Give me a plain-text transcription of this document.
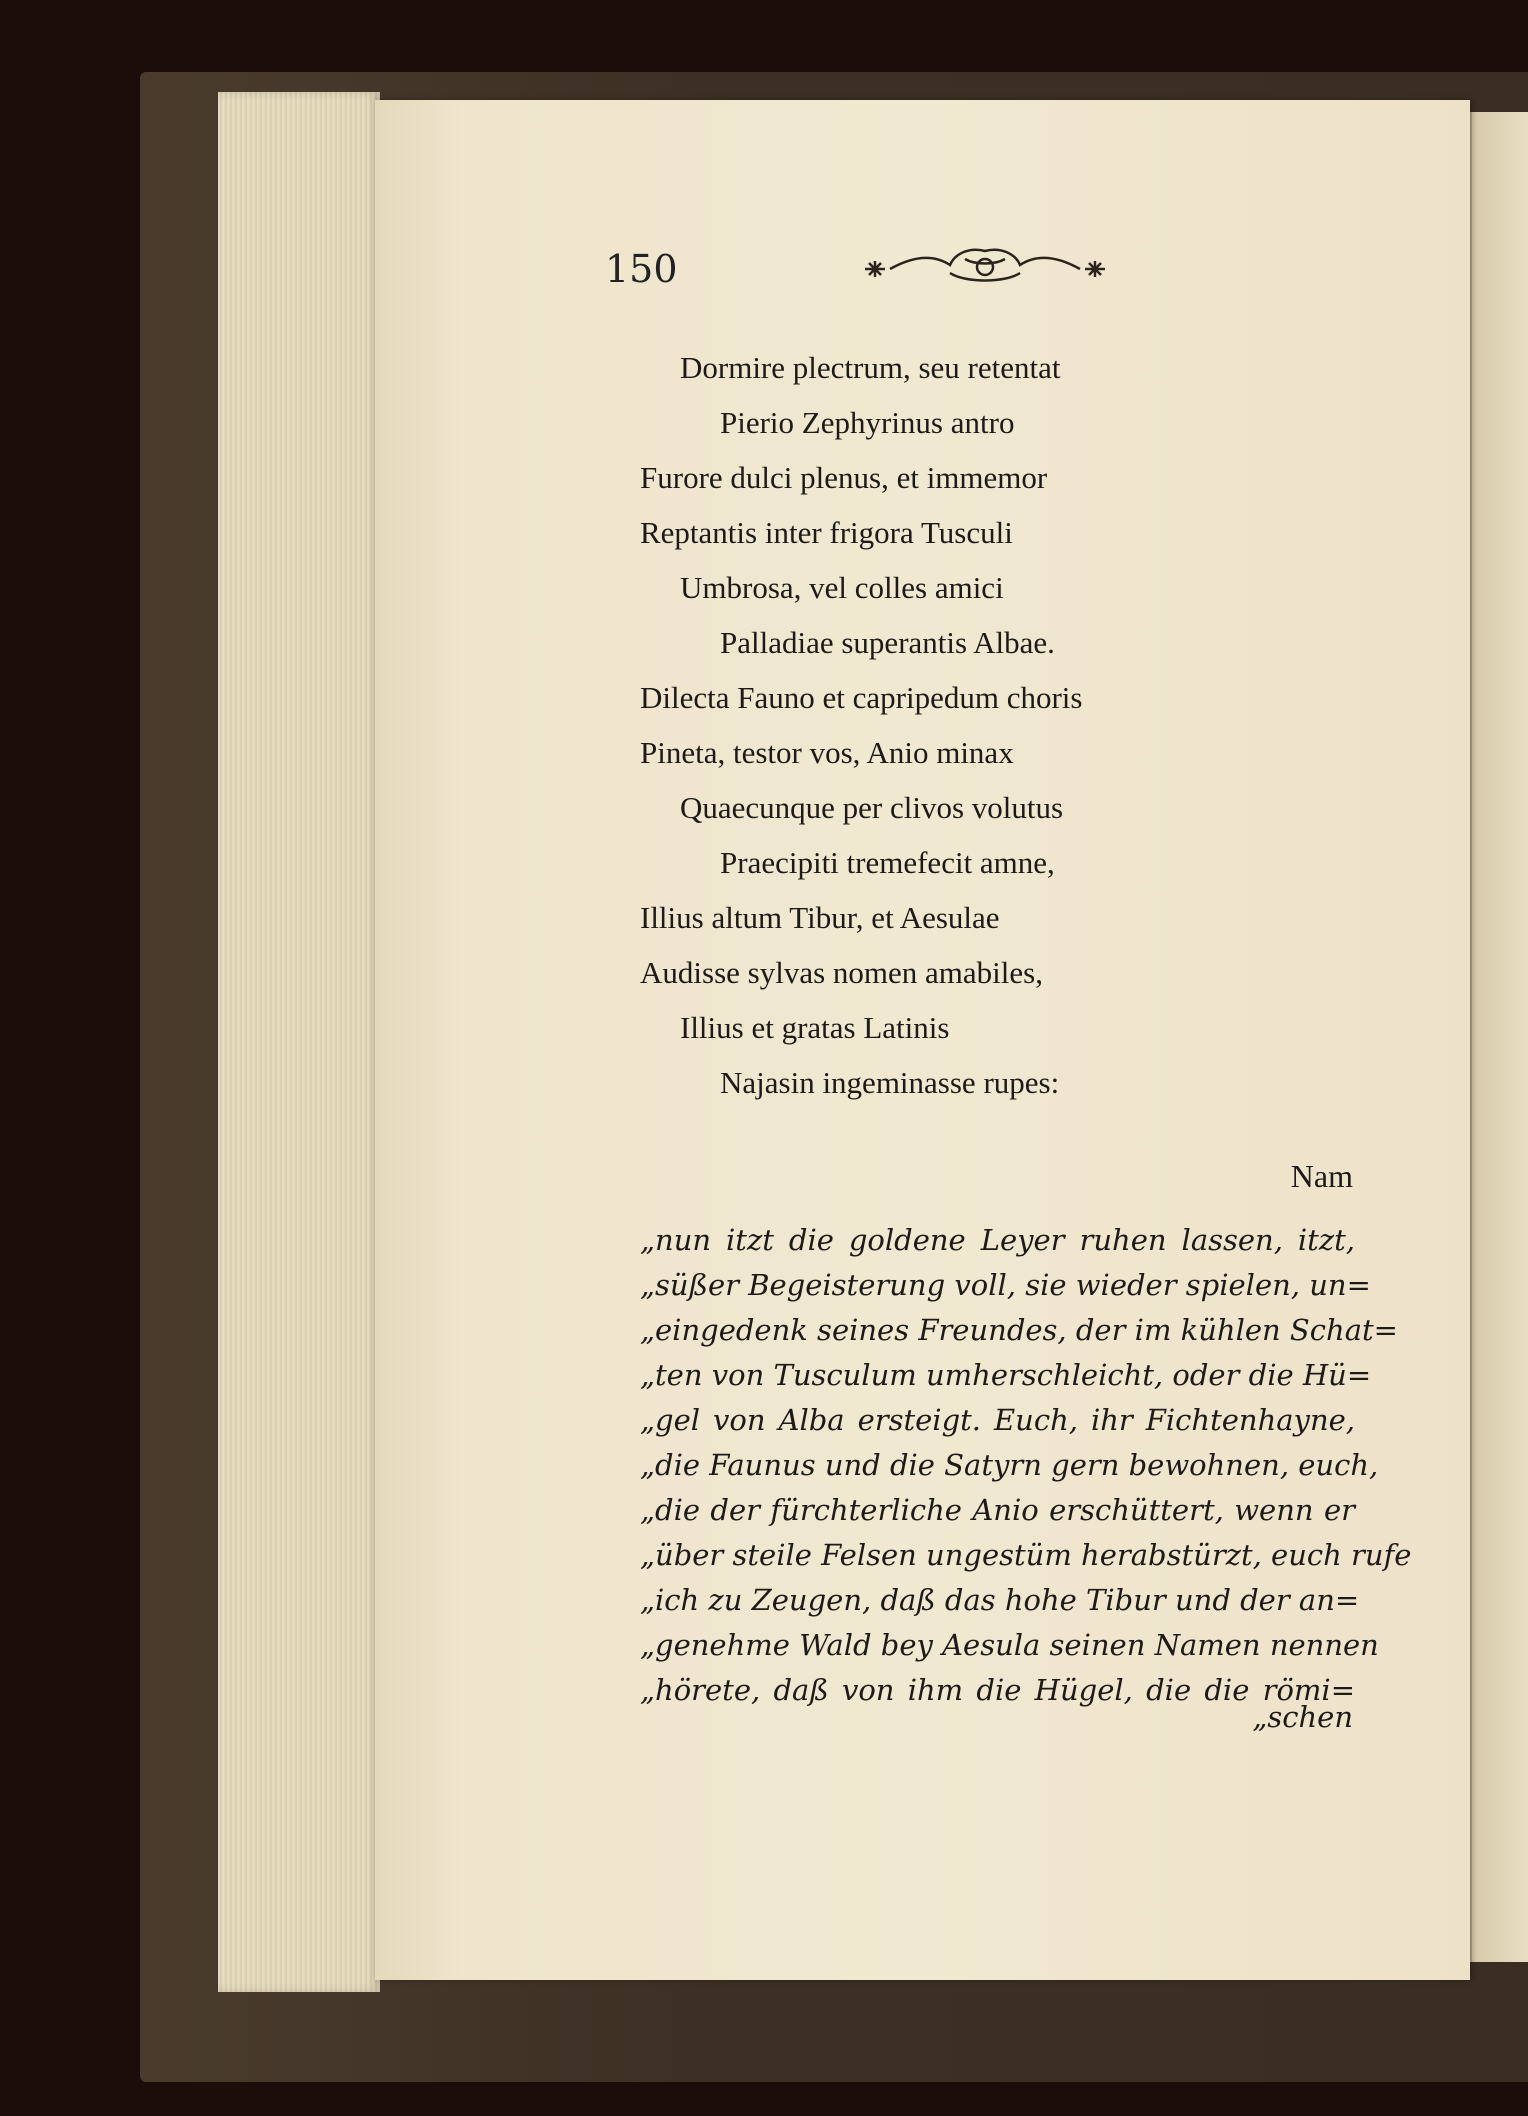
150
Dormire plectrum, seu retentat
Pierio Zephyrinus antro
Furore dulci plenus, et immemor
Reptantis inter frigora Tusculi
Umbrosa, vel colles amici
Palladiae superantis Albae.
Dilecta Fauno et capripedum choris
Pineta, testor vos, Anio minax
Quaecunque per clivos volutus
Praecipiti tremefecit amne,
Illius altum Tibur, et Aesulae
Audisse sylvas nomen amabiles,
Illius et gratas Latinis
Najasin ingeminasse rupes:
Nam
„nun itzt die goldene Leyer ruhen lassen, itzt,
„süßer Begeisterung voll, sie wieder spielen, un=
„eingedenk seines Freundes, der im kühlen Schat=
„ten von Tusculum umherschleicht, oder die Hü=
„gel von Alba ersteigt. Euch, ihr Fichtenhayne,
„die Faunus und die Satyrn gern bewohnen, euch,
„die der fürchterliche Anio erschüttert, wenn er
„über steile Felsen ungestüm herabstürzt, euch rufe
„ich zu Zeugen, daß das hohe Tibur und der an=
„genehme Wald bey Aesula seinen Namen nennen
„hörete, daß von ihm die Hügel, die die römi=
„schen
